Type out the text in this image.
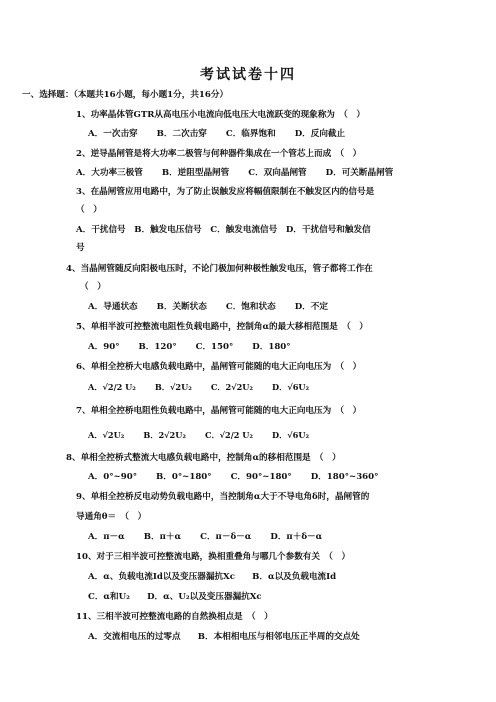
考试试卷十四
一、选择题：（本题共16小题，每小题1分，共16分）
1、功率晶体管GTR从高电压小电流向低电压大电流跃变的现象称为　（　）
A．一次击穿 B．二次击穿 C．临界饱和 D．反向截止
2、逆导晶闸管是将大功率二极管与何种器件集成在一个管芯上而成　（　）
A．大功率三极管 B．逆阻型晶闸管 C．双向晶闸管 D．可关断晶闸管
3、在晶闸管应用电路中，为了防止误触发应将幅值限制在不触发区内的信号是
（　）
A．干扰信号　B．触发电压信号　C．触发电流信号　D．干扰信号和触发信
号
4、当晶闸管随反向阳极电压时，不论门极加何种极性触发电压，管子都将工作在
（　）
A．导通状态 B．关断状态 C．饱和状态 D．不定
5、单相半波可控整流电阻性负载电路中，控制角α的最大移相范围是　（　）
A．90° B．120° C．150° D．180°
6、单相全控桥大电感负载电路中，晶闸管可能随的电大正向电压为　（　）
A．√2/2 U₂ B．√2U₂ C．2√2U₂ D．√6U₂
7、单相全控桥电阻性负载电路中，晶闸管可能随的电大正向电压为　（　）
A．√2U₂ B．2√2U₂ C．√2/2 U₂ D．√6U₂
8、单相全控桥式整流大电感负载电路中，控制角α的移相范围是　（　）
A．0°~90° B．0°~180° C．90°~180° D．180°~360°
9、单相全控桥反电动势负载电路中，当控制角α大于不导电角δ时，晶闸管的
导通角θ＝　（　）
A．π－α B．π＋α C．π－δ－α D．π＋δ－α
10、对于三相半波可控整流电路，换相重叠角与哪几个参数有关　（　）
A．α、负载电流Id以及变压器漏抗Xc　　B．α以及负载电流Id
C．α和U₂　　D．α、U₂以及变压器漏抗Xc
11、三相半波可控整流电路的自然换相点是　（　）
A．交流相电压的过零点　　B．本相相电压与相邻电压正半周的交点处
